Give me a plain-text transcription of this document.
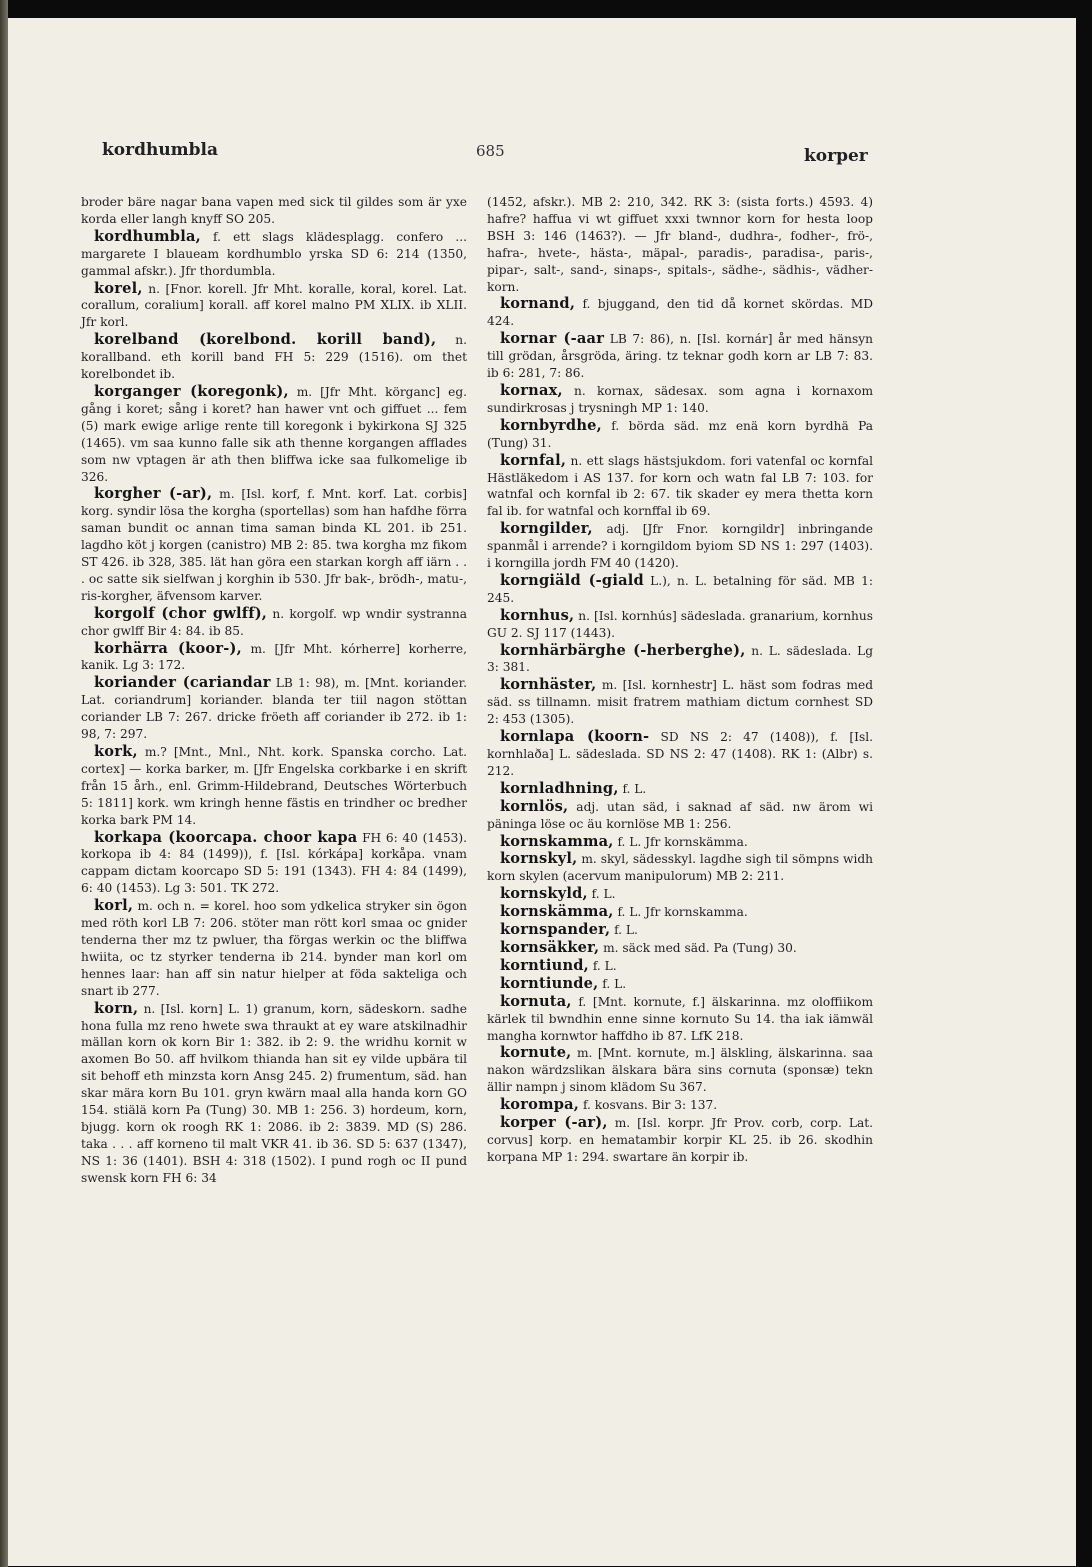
kordhumbla	685	korper

broder bäre nagar bana vapen med sick til gildes som är yxe korda eller langh knyff SO 205.

kordhumbla, f. ett slags klädesplagg. confero ... margarete I blaueam kordhumblo yrska SD 6: 214 (1350, gammal afskr.). Jfr thordumbla.

korel, n. [Fnor. korell. Jfr Mht. koralle, koral, korel. Lat. corallum, coralium] korall. aff korel malno PM XLIX. ib XLII. Jfr korl.

korelband (korelbond. korill band), n. korallband. eth korill band FH 5: 229 (1516). om thet korelbondet ib.

korganger (koregonk), m. [Jfr Mht. körganc] eg. gång i koret; sång i koret? han hawer vnt och giffuet ... fem (5) mark ewige arlige rente till koregonk i bykirkona SJ 325 (1465). vm saa kunno falle sik ath thenne korgangen afflades som nw vptagen är ath then bliffwa icke saa fulkomelige ib 326.

korgher (-ar), m. [Isl. korf, f. Mnt. korf. Lat. corbis] korg. syndir lösa the korgha (sportellas) som han hafdhe förra saman bundit oc annan tima saman binda KL 201. ib 251. lagdho köt j korgen (canistro) MB 2: 85. twa korgha mz fikom ST 426. ib 328, 385. lät han göra een starkan korgh aff iärn . . . oc satte sik sielfwan j korghin ib 530. Jfr bak-, brödh-, matu-, ris-korgher, äfvensom karver.

korgolf (chor gwlff), n. korgolf. wp wndir systranna chor gwlff Bir 4: 84. ib 85.

korhärra (koor-), m. [Jfr Mht. kórherre] korherre, kanik. Lg 3: 172.

koriander (cariandar LB 1: 98), m. [Mnt. koriander. Lat. coriandrum] koriander. blanda ter tiil nagon stöttan coriander LB 7: 267. dricke fröeth aff coriander ib 272. ib 1: 98, 7: 297.

kork, m.? [Mnt., Mnl., Nht. kork. Spanska corcho. Lat. cortex] — korka barker, m. [Jfr Engelska corkbarke i en skrift från 15 årh., enl. Grimm-Hildebrand, Deutsches Wörterbuch 5: 1811] kork. wm kringh henne fästis en trindher oc bredher korka bark PM 14.

korkapa (koorcapa. choor kapa FH 6: 40 (1453). korkopa ib 4: 84 (1499)), f. [Isl. kórkápa] korkåpa. vnam cappam dictam koorcapo SD 5: 191 (1343). FH 4: 84 (1499), 6: 40 (1453). Lg 3: 501. TK 272.

korl, m. och n. = korel. hoo som ydkelica stryker sin ögon med röth korl LB 7: 206. stöter man rött korl smaa oc gnider tenderna ther mz tz pwluer, tha förgas werkin oc the bliffwa hwiita, oc tz styrker tenderna ib 214. bynder man korl om hennes laar: han aff sin natur hielper at föda sakteliga och snart ib 277.

korn, n. [Isl. korn] L. 1) granum, korn, sädeskorn. sadhe hona fulla mz reno hwete swa thraukt at ey ware atskilnadhir mällan korn ok korn Bir 1: 382. ib 2: 9. the wridhu kornit w axomen Bo 50. aff hvilkom thianda han sit ey vilde upbära til sit behoff eth minzsta korn Ansg 245. 2) frumentum, säd. han skar mära korn Bu 101. gryn kwärn maal alla handa korn GO 154. stiälä korn Pa (Tung) 30. MB 1: 256. 3) hordeum, korn, bjugg. korn ok roogh RK 1: 2086. ib 2: 3839. MD (S) 286. taka . . . aff korneno til malt VKR 41. ib 36. SD 5: 637 (1347), NS 1: 36 (1401). BSH 4: 318 (1502). I pund rogh oc II pund swensk korn FH 6: 34

(1452, afskr.). MB 2: 210, 342. RK 3: (sista forts.) 4593. 4) hafre? haffua vi wt giffuet xxxi twnnor korn for hesta loop BSH 3: 146 (1463?). — Jfr bland-, dudhra-, fodher-, frö-, hafra-, hvete-, hästa-, mäpal-, paradis-, paradisa-, paris-, pipar-, salt-, sand-, sinaps-, spitals-, sädhe-, sädhis-, vädher-korn.

kornand, f. bjuggand, den tid då kornet skördas. MD 424.

kornar (-aar LB 7: 86), n. [Isl. kornár] år med hänsyn till grödan, årsgröda, äring. tz teknar godh korn ar LB 7: 83. ib 6: 281, 7: 86.

kornax, n. kornax, sädesax. som agna i kornaxom sundirkrosas j trysningh MP 1: 140.

kornbyrdhe, f. börda säd. mz enä korn byrdhä Pa (Tung) 31.

kornfal, n. ett slags hästsjukdom. fori vatenfal oc kornfal Hästläkedom i AS 137. for korn och watn fal LB 7: 103. for watnfal och kornfal ib 2: 67. tik skader ey mera thetta korn fal ib. for watnfal och kornffal ib 69.

korngilder, adj. [Jfr Fnor. korngildr] inbringande spanmål i arrende? i korngildom byiom SD NS 1: 297 (1403). i korngilla jordh FM 40 (1420).

korngiäld (-giald L.), n. L. betalning för säd. MB 1: 245.

kornhus, n. [Isl. kornhús] sädeslada. granarium, kornhus GU 2. SJ 117 (1443).

kornhärbärghe (-herberghe), n. L. sädeslada. Lg 3: 381.

kornhäster, m. [Isl. kornhestr] L. häst som fodras med säd. ss tillnamn. misit fratrem mathiam dictum cornhest SD 2: 453 (1305).

kornlapa (koorn- SD NS 2: 47 (1408)), f. [Isl. kornhlaða] L. sädeslada. SD NS 2: 47 (1408). RK 1: (Albr) s. 212.

kornladhning, f. L.

kornlös, adj. utan säd, i saknad af säd. nw ärom wi päninga löse oc äu kornlöse MB 1: 256.

kornskamma, f. L. Jfr kornskämma.

kornskyl, m. skyl, sädesskyl. lagdhe sigh til sömpns widh korn skylen (acervum manipulorum) MB 2: 211.

kornskyld, f. L.

kornskämma, f. L. Jfr kornskamma.

kornspander, f. L.

kornsäkker, m. säck med säd. Pa (Tung) 30.

korntiund, f. L.

korntiunde, f. L.

kornuta, f. [Mnt. kornute, f.] älskarinna. mz oloffiikom kärlek til bwndhin enne sinne kornuto Su 14. tha iak iämwäl mangha kornwtor haffdho ib 87. LfK 218.

kornute, m. [Mnt. kornute, m.] älskling, älskarinna. saa nakon wärdzslikan älskara bära sins cornuta (sponsæ) tekn ällir nampn j sinom klädom Su 367.

korompa, f. kosvans. Bir 3: 137.

korper (-ar), m. [Isl. korpr. Jfr Prov. corb, corp. Lat. corvus] korp. en hematambir korpir KL 25. ib 26. skodhin korpana MP 1: 294. swartare än korpir ib.
